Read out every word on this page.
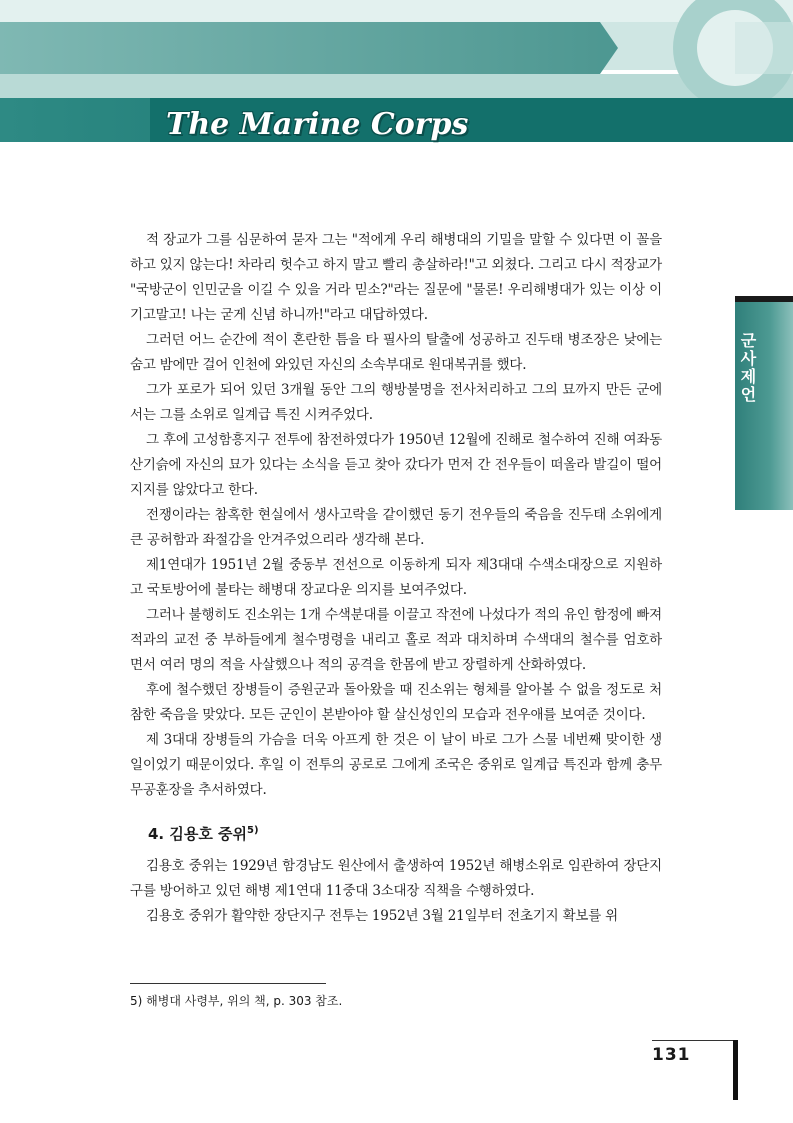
The Marine Corps
군사제언

적 장교가 그를 심문하여 묻자 그는 "적에게 우리 해병대의 기밀을 말할 수 있다면 이 꼴을 하고 있지 않는다! 차라리 헛수고 하지 말고 빨리 총살하라!"고 외쳤다. 그리고 다시 적장교가 "국방군이 인민군을 이길 수 있을 거라 믿소?"라는 질문에 "물론! 우리해병대가 있는 이상 이기고말고! 나는 굳게 신념 하니까!"라고 대답하였다.

그러던 어느 순간에 적이 혼란한 틈을 타 필사의 탈출에 성공하고 진두태 병조장은 낮에는 숨고 밤에만 걸어 인천에 와있던 자신의 소속부대로 원대복귀를 했다.

그가 포로가 되어 있던 3개월 동안 그의 행방불명을 전사처리하고 그의 묘까지 만든 군에서는 그를 소위로 일계급 특진 시켜주었다.

그 후에 고성함흥지구 전투에 참전하였다가 1950년 12월에 진해로 철수하여 진해 여좌동 산기슭에 자신의 묘가 있다는 소식을 듣고 찾아 갔다가 먼저 간 전우들이 떠올라 발길이 떨어지지를 않았다고 한다.

전쟁이라는 참혹한 현실에서 생사고락을 같이했던 동기 전우들의 죽음을 진두태 소위에게 큰 공허함과 좌절감을 안겨주었으리라 생각해 본다.

제1연대가 1951년 2월 중동부 전선으로 이동하게 되자 제3대대 수색소대장으로 지원하고 국토방어에 불타는 해병대 장교다운 의지를 보여주었다.

그러나 불행히도 진소위는 1개 수색분대를 이끌고 작전에 나섰다가 적의 유인 함정에 빠져 적과의 교전 중 부하들에게 철수명령을 내리고 홀로 적과 대치하며 수색대의 철수를 엄호하면서 여러 명의 적을 사살했으나 적의 공격을 한몸에 받고 장렬하게 산화하였다.

후에 철수했던 장병들이 증원군과 돌아왔을 때 진소위는 형체를 알아볼 수 없을 정도로 처참한 죽음을 맞았다. 모든 군인이 본받아야 할 살신성인의 모습과 전우애를 보여준 것이다.

제 3대대 장병들의 가슴을 더욱 아프게 한 것은 이 날이 바로 그가 스물 네번째 맞이한 생일이었기 때문이었다. 후일 이 전투의 공로로 그에게 조국은 중위로 일계급 특진과 함께 충무무공훈장을 추서하였다.

4. 김용호 중위$^{5)}$

김용호 중위는 1929년 함경남도 원산에서 출생하여 1952년 해병소위로 임관하여 장단지구를 방어하고 있던 해병 제1연대 11중대 3소대장 직책을 수행하였다.

김용호 중위가 활약한 장단지구 전투는 1952년 3월 21일부터 전초기지 확보를 위

5) 해병대 사령부, 위의 책, p. 303 참조.
131
